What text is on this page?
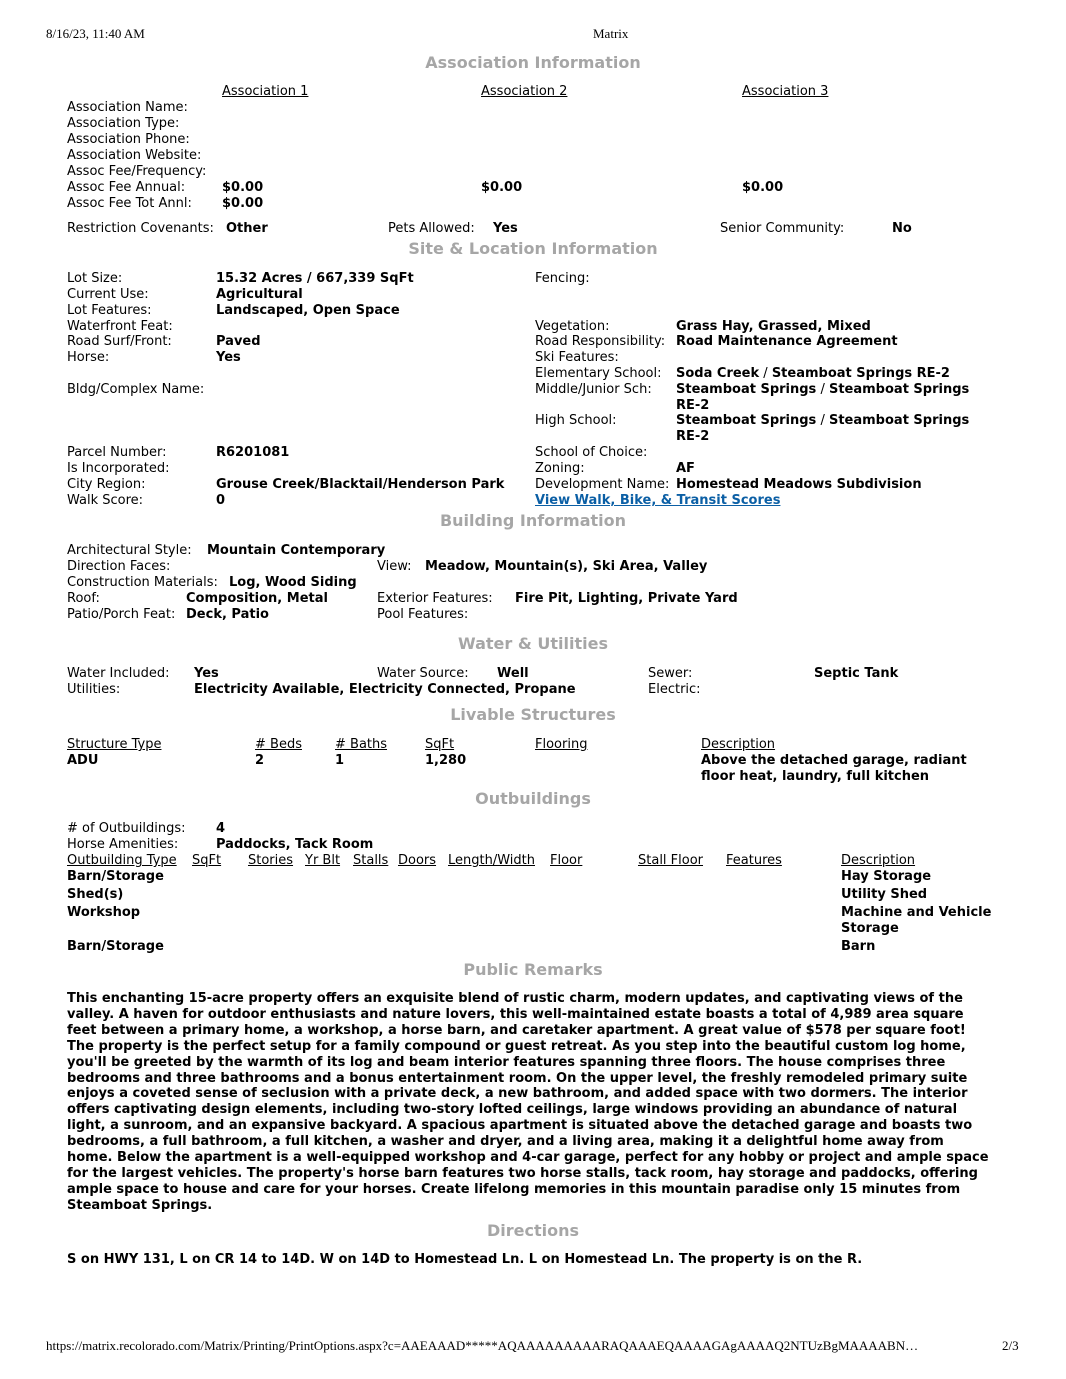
8/16/23, 11:40 AM	Matrix
Association Information
Association 1	Association 2	Association 3
Association Name:
Association Type:
Association Phone:
Association Website:
Assoc Fee/Frequency:
Assoc Fee Annual:	$0.00	$0.00	$0.00
Assoc Fee Tot Annl: $0.00
Restriction Covenants: Other	Pets Allowed: Yes	Senior Community:	No
Site & Location Information
Lot Size:	15.32 Acres / 667,339 SqFt
Current Use:	Agricultural
Lot Features:	Landscaped, Open Space
Waterfront Feat:
Road Surf/Front:	Paved
Horse:	Yes
Bldg/Complex Name:
Parcel Number:	R6201081
Is Incorporated:
City Region:	Grouse Creek/Blacktail/Henderson Park
Walk Score:	0
Fencing:
Vegetation:	Grass Hay, Grassed, Mixed
Road Responsibility: Road Maintenance Agreement
Ski Features:
Elementary School: Soda Creek / Steamboat Springs RE-2
Middle/Junior Sch: Steamboat Springs / Steamboat Springs RE-2
High School:	Steamboat Springs / Steamboat Springs RE-2
School of Choice:
Zoning:	AF
Development Name: Homestead Meadows Subdivision
View Walk, Bike, & Transit Scores
Building Information
Architectural Style: Mountain Contemporary
Direction Faces:	View: Meadow, Mountain(s), Ski Area, Valley
Construction Materials: Log, Wood Siding
Roof:	Composition, Metal	Exterior Features: Fire Pit, Lighting, Private Yard
Patio/Porch Feat: Deck, Patio	Pool Features:
Water & Utilities
Water Included: Yes	Water Source: Well	Sewer:	Septic Tank
Utilities:	Electricity Available, Electricity Connected, Propane	Electric:
Livable Structures
Structure Type	# Beds	# Baths	SqFt	Flooring	Description
ADU	2	1	1,280	Above the detached garage, radiant floor heat, laundry, full kitchen
Outbuildings
# of Outbuildings: 4
Horse Amenities:	Paddocks, Tack Room
Outbuilding Type SqFt Stories Yr Blt Stalls Doors Length/Width Floor	Stall Floor Features	Description
Barn/Storage	Hay Storage
Shed(s)	Utility Shed
Workshop	Machine and Vehicle Storage
Barn/Storage	Barn
Public Remarks
This enchanting 15-acre property offers an exquisite blend of rustic charm, modern updates, and captivating views of the valley. A haven for outdoor enthusiasts and nature lovers, this well-maintained estate boasts a total of 4,989 area square feet between a primary home, a workshop, a horse barn, and caretaker apartment. A great value of $578 per square foot! The property is the perfect setup for a family compound or guest retreat. As you step into the beautiful custom log home, you'll be greeted by the warmth of its log and beam interior features spanning three floors. The house comprises three bedrooms and three bathrooms and a bonus entertainment room. On the upper level, the freshly remodeled primary suite enjoys a coveted sense of seclusion with a private deck, a new bathroom, and added space with two dormers. The interior offers captivating design elements, including two-story lofted ceilings, large windows providing an abundance of natural light, a sunroom, and an expansive backyard. A spacious apartment is situated above the detached garage and boasts two bedrooms, a full bathroom, a full kitchen, a washer and dryer, and a living area, making it a delightful home away from home. Below the apartment is a well-equipped workshop and 4-car garage, perfect for any hobby or project and ample space for the largest vehicles. The property's horse barn features two horse stalls, tack room, hay storage and paddocks, offering ample space to house and care for your horses. Create lifelong memories in this mountain paradise only 15 minutes from Steamboat Springs.
Directions
S on HWY 131, L on CR 14 to 14D. W on 14D to Homestead Ln. L on Homestead Ln. The property is on the R.
https://matrix.recolorado.com/Matrix/Printing/PrintOptions.aspx?c=AAEAAAD*****AQAAAAAAAAARAQAAAEQAAAAGAgAAAAQ2NTUzBgMAAAABN…	2/3
